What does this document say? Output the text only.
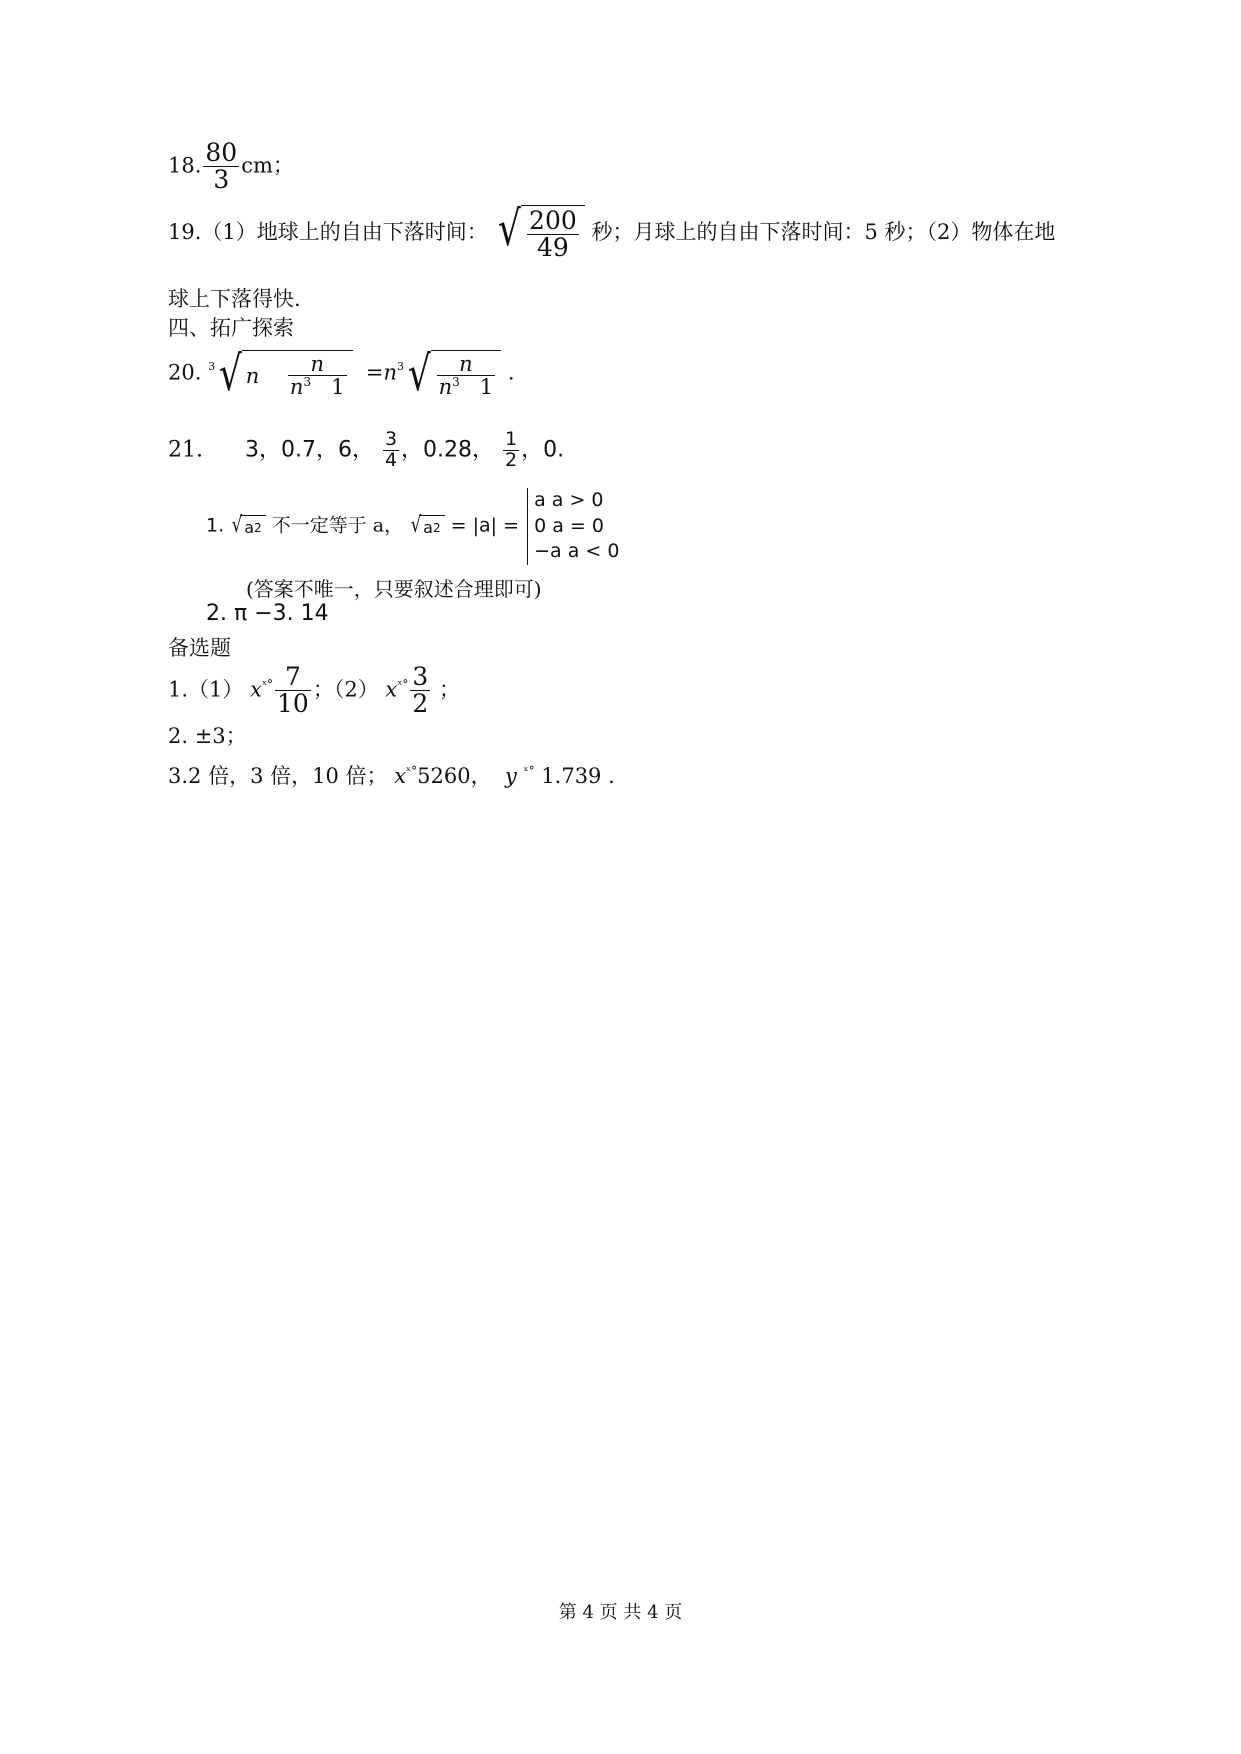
18. $\frac{80}{3}$ cm；
19.（1）地球上的自由下落时间： √ $\frac{200}{49}$ 秒；月球上的自由下落时间：5 秒；（2）物体在地
球上下落得快.
四、拓广探索
20. $^3$ √ n
$\frac{n}{n^3 1} =n^3$ √ $\frac{n}{n^3 1}$ .
21. 3，0.7，6， $\frac{3}{4}$ ，0.28， $\frac{1}{2}$ ，0.
1. √ a 2 不一定等于 a， √ a 2 = |a| =
a a > 0
0 a = 0
−a a < 0
(答案不唯一，只要叙述合理即可)
2. π −3. 14
备选题
1.（1） $x^{ˣ^\circ} \frac{7}{10}$ ；（2） $x^{ˣ^\circ} \frac{3}{2}$ ；
2. ±3；
3.2 倍，3 倍，10 倍； $x^{ˣ^\circ}5260$， y $^{ˣ^\circ}$ 1.739 .
第 4 页 共 4 页
